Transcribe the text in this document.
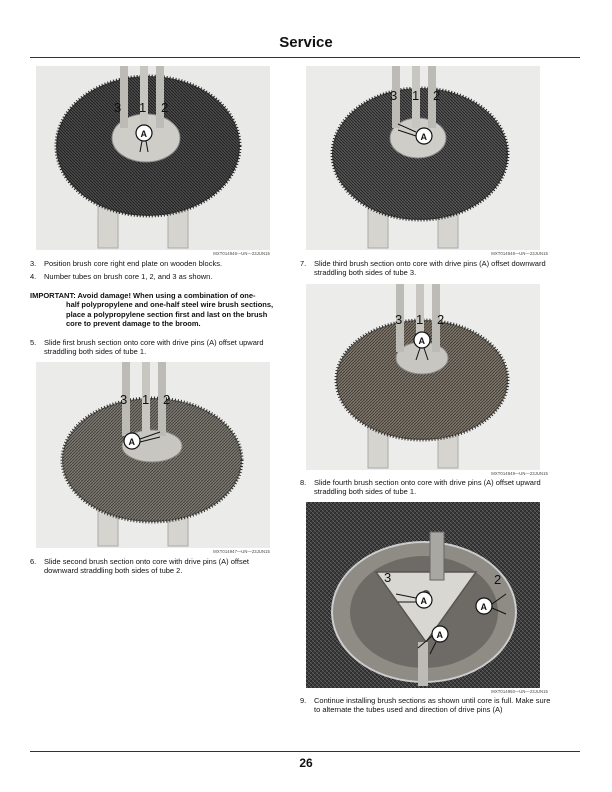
Service
3 1 2
A
MXT014946—UN—23JUN15
3. Position brush core right end plate on wooden blocks.
4. Number tubes on brush core 1, 2, and 3 as shown.
IMPORTANT: Avoid damage! When using a combination of one-
half polypropylene and one-half steel wire brush sections, place a polypropylene section first and last on the brush core to prevent damage to the broom.
5. Slide first brush section onto core with drive pins (A) offset upward straddling both sides of tube 1.
3 1 2
A
MXT014947—UN—23JUN15
6. Slide second brush section onto core with drive pins (A) offset downward straddling both sides of tube 2.
3 1 2
A
MXT014948—UN—23JUN15
7. Slide third brush section onto core with drive pins (A) offset downward straddling both sides of tube 3.
3 1 2
A
MXT014949—UN—23JUN15
8. Slide fourth brush section onto core with drive pins (A) offset upward straddling both sides of tube 1.
3	2
A
A
A
MXT014950—UN—23JUN15
9. Continue installing brush sections as shown until core is full. Make sure to alternate the tubes used and direction of drive pins (A)
26
